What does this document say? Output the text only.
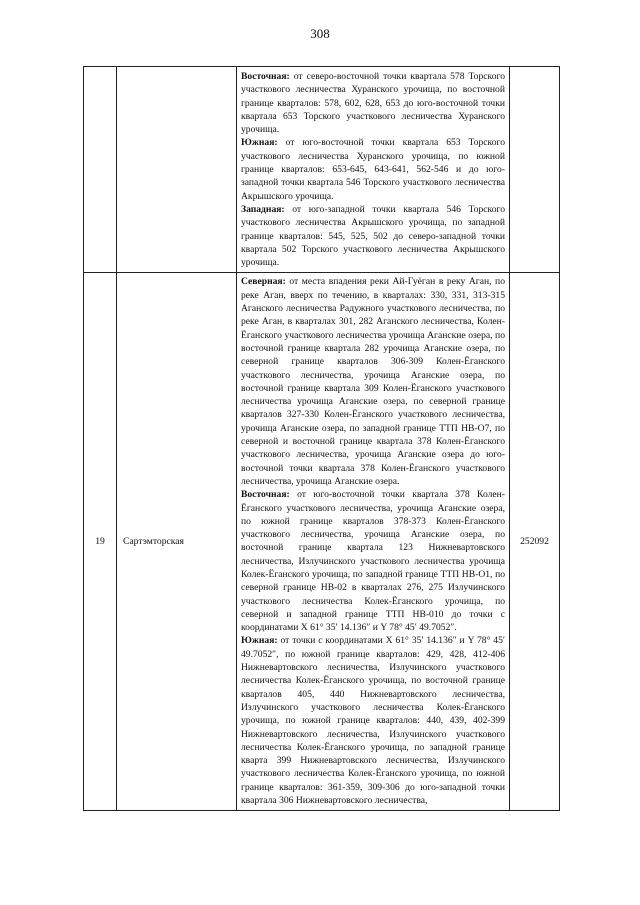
308

		Восточная: от северо-восточной точки квартала 578 Торского участкового лесничества Хуранского урочища, по восточной границе кварталов: 578, 602, 628, 653 до юго-восточной точки квартала 653 Торского участкового лесничества Хуранского урочища.
Южная: от юго-восточной точки квартала 653 Торского участкового лесничества Хуранского урочища, по южной границе кварталов: 653-645, 643-641, 562-546 и до юго-западной точки квартала 546 Торского участкового лесничества Акрышского урочища.
Западная: от юго-западной точки квартала 546 Торского участкового лесничества Акрышского урочища, по западной границе кварталов: 545, 525, 502 до северо-западной точки квартала 502 Торского участкового лесничества Акрышского урочища.	

19	Сартэмторская	Северная: от места впадения реки Ай-Гуёган в реку Аган, по реке Аган, вверх по течению, в кварталах: 330, 331, 313-315 Аганского лесничества Радужного участкового лесничества, по реке Аган, в кварталах 301, 282 Аганского лесничества, Колен-Ёганского участкового лесничества урочища Аганские озера, по восточной границе квартала 282 урочища Аганские озера, по северной границе кварталов 306-309 Колен-Ёганского участкового лесничества, урочища Аганские озера, по восточной границе квартала 309 Колен-Ёганского участкового лесничества урочища Аганские озера, по северной границе кварталов 327-330 Колен-Ёганского участкового лесничества, урочища Аганские озера, по западной границе ТТП НВ-О7, по северной и восточной границе квартала 378 Колен-Ёганского участкового лесничества, урочища Аганские озера до юго-восточной точки квартала 378 Колен-Ёганского участкового лесничества, урочища Аганские озера.
Восточная: от юго-восточной точки квартала 378 Колен-Ёганского участкового лесничества, урочища Аганские озера, по южной границе кварталов 378-373 Колен-Ёганского участкового лесничества, урочища Аганские озера, по восточной границе квартала 123 Нижневартовского лесничества, Излучинского участкового лесничества урочища Колек-Ёганского урочища, по западной границе ТТП НВ-О1, по северной границе НВ-02 в кварталах 276, 275 Излучинского участкового лесничества Колек-Ёганского урочища, по северной и западной границе ТТП НВ-010 до точки с координатами X 61° 35′ 14.136″ и Y 78° 45′ 49.7052″.
Южная: от точки с координатами X 61° 35′ 14.136″ и Y 78° 45′ 49.7052″, по южной границе кварталов: 429, 428, 412-406 Нижневартовского лесничества, Излучинского участкового лесничества Колек-Ёганского урочища, по восточной границе кварталов 405, 440 Нижневартовского лесничества, Излучинского участкового лесничества Колек-Ёганского урочища, по южной границе кварталов: 440, 439, 402-399 Нижневартовского лесничества, Излучинского участкового лесничества Колек-Ёганского урочища, по западной границе кварта 399 Нижневартовского лесничества, Излучинского участкового лесничества Колек-Ёганского урочища, по южной границе кварталов: 361-359, 309-306 до юго-западной точки квартала 306 Нижневартовского лесничества,	252092
